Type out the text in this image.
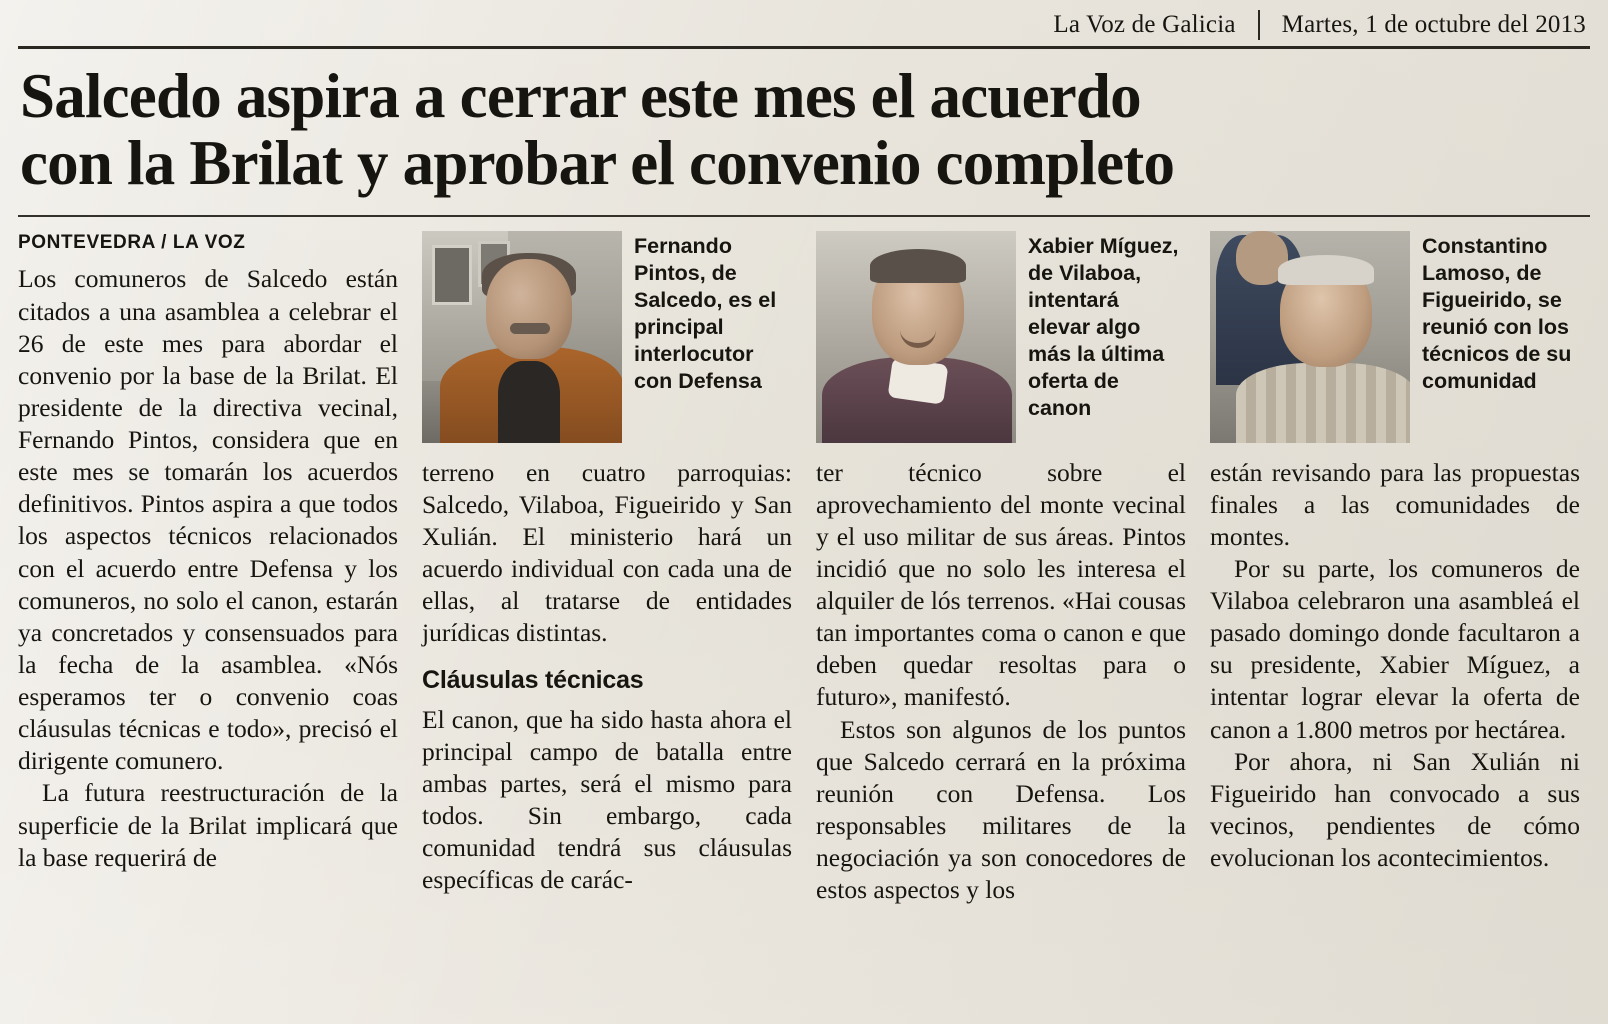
La Voz de Galicia Martes, 1 de octubre del 2013
Salcedo aspira a cerrar este mes el acuerdo
con la Brilat y aprobar el convenio completo
PONTEVEDRA / LA VOZ

Los comuneros de Salcedo están citados a una asamblea a celebrar el 26 de este mes para abordar el convenio por la base de la Brilat. El presidente de la directiva vecinal, Fernando Pintos, considera que en este mes se tomarán los acuerdos definitivos. Pintos aspira a que todos los aspectos técnicos relacionados con el acuerdo entre Defensa y los comuneros, no solo el canon, estarán ya concretados y consensuados para la fecha de la asamblea. «Nós esperamos ter o convenio coas cláusulas técnicas e todo», precisó el dirigente comunero.

La futura reestructuración de la superficie de la Brilat implicará que la base requerirá de

Fernando Pintos, de Salcedo, es el principal interlocutor con Defensa

terreno en cuatro parroquias: Salcedo, Vilaboa, Figueirido y San Xulián. El ministerio hará un acuerdo individual con cada una de ellas, al tratarse de entidades jurídicas distintas.

Cláusulas técnicas

El canon, que ha sido hasta ahora el principal campo de batalla entre ambas partes, será el mismo para todos. Sin embargo, cada comunidad tendrá sus cláusulas específicas de carác-

Xabier Míguez, de Vilaboa, intentará elevar algo más la última oferta de canon

ter técnico sobre el aprovechamiento del monte vecinal y el uso militar de sus áreas. Pintos incidió que no solo les interesa el alquiler de lós terrenos. «Hai cousas tan importantes coma o canon e que deben quedar resoltas para o futuro», manifestó.

Estos son algunos de los puntos que Salcedo cerrará en la próxima reunión con Defensa. Los responsables militares de la negociación ya son conocedores de estos aspectos y los

Constantino Lamoso, de Figueirido, se reunió con los técnicos de su comunidad

están revisando para las propuestas finales a las comunidades de montes.

Por su parte, los comuneros de Vilaboa celebraron una asambleá el pasado domingo donde facultaron a su presidente, Xabier Míguez, a intentar lograr elevar la oferta de canon a 1.800 metros por hectárea.

Por ahora, ni San Xulián ni Figueirido han convocado a sus vecinos, pendientes de cómo evolucionan los acontecimientos.
